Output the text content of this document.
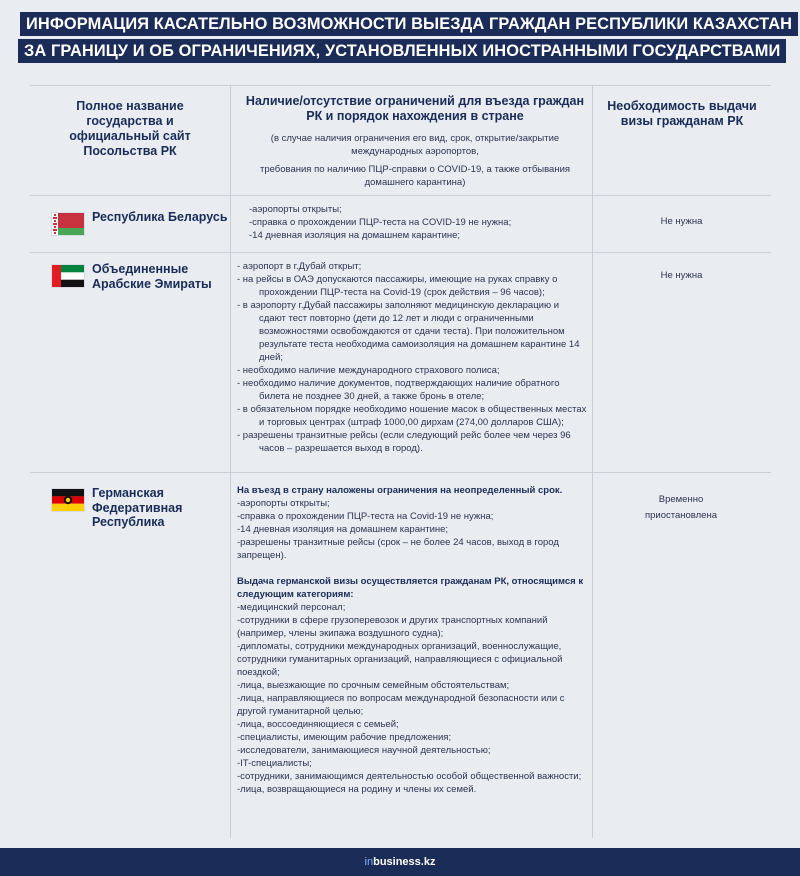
ИНФОРМАЦИЯ КАСАТЕЛЬНО ВОЗМОЖНОСТИ ВЫЕЗДА ГРАЖДАН РЕСПУБЛИКИ КАЗАХСТАН
ЗА ГРАНИЦУ И ОБ ОГРАНИЧЕНИЯХ, УСТАНОВЛЕННЫХ ИНОСТРАННЫМИ ГОСУДАРСТВАМИ
Полное название государства и официальный сайт Посольства РК
Наличие/отсутствие ограничений для въезда граждан РК и порядок нахождения в стране
(в случае наличия ограничения его вид, срок, открытие/закрытие международных аэропортов,
требования по наличию ПЦР-справки о COVID-19, а также отбывания домашнего карантина)
Необходимость выдачи визы гражданам РК
Республика Беларусь

-аэропорты открыты;

-справка о прохождении ПЦР-теста на COVID-19 не нужна;

-14 дневная изоляция на домашнем карантине;

Не нужна
Объединенные Арабские Эмираты
- аэропорт в г.Дубай открыт;
- на рейсы в ОАЭ допускаются пассажиры, имеющие на руках справку о прохождении ПЦР-теста на Covid-19 (срок действия – 96 часов);
- в аэропорту г.Дубай пассажиры заполняют медицинскую декларацию и сдают тест повторно (дети до 12 лет и люди с ограниченными возможностями освобождаются от сдачи теста). При положительном результате теста необходима самоизоляция на домашнем карантине 14 дней;
- необходимо наличие международного страхового полиса;
- необходимо наличие документов, подтверждающих наличие обратного билета не позднее 30 дней, а также бронь в отеле;
- в обязательном порядке необходимо ношение масок в общественных местах и торговых центрах (штраф 1000,00 дирхам (274,00 долларов США);
- разрешены транзитные рейсы (если следующий рейс более чем через 96 часов – разрешается выход в город).
Не нужна
Германская Федеративная Республика

На въезд в страну наложены ограничения на неопределенный срок.

-аэропорты открыты;

-справка о прохождении ПЦР-теста на Covid-19 не нужна;

-14 дневная изоляция на домашнем карантине;

-разрешены транзитные рейсы (срок – не более 24 часов, выход в город запрещен).

Выдача германской визы осуществляется гражданам РК, относящимся к следующим категориям:

-медицинский персонал;

-сотрудники в сфере грузоперевозок и других транспортных компаний (например, члены экипажа воздушного судна);

-дипломаты, сотрудники международных организаций, военнослужащие, сотрудники гуманитарных организаций, направляющиеся с официальной поездкой;

-лица, выезжающие по срочным семейным обстоятельствам;

-лица, направляющиеся по вопросам международной безопасности или с другой гуманитарной целью;

-лица, воссоединяющиеся с семьей;

-специалисты, имеющим рабочие предложения;

-исследователи, занимающиеся научной деятельностью;

-IT-специалисты;

-сотрудники, занимающимся деятельностью особой общественной важности;

-лица, возвращающиеся на родину и члены их семей.

Временно приостановлена
inbusiness.kz
